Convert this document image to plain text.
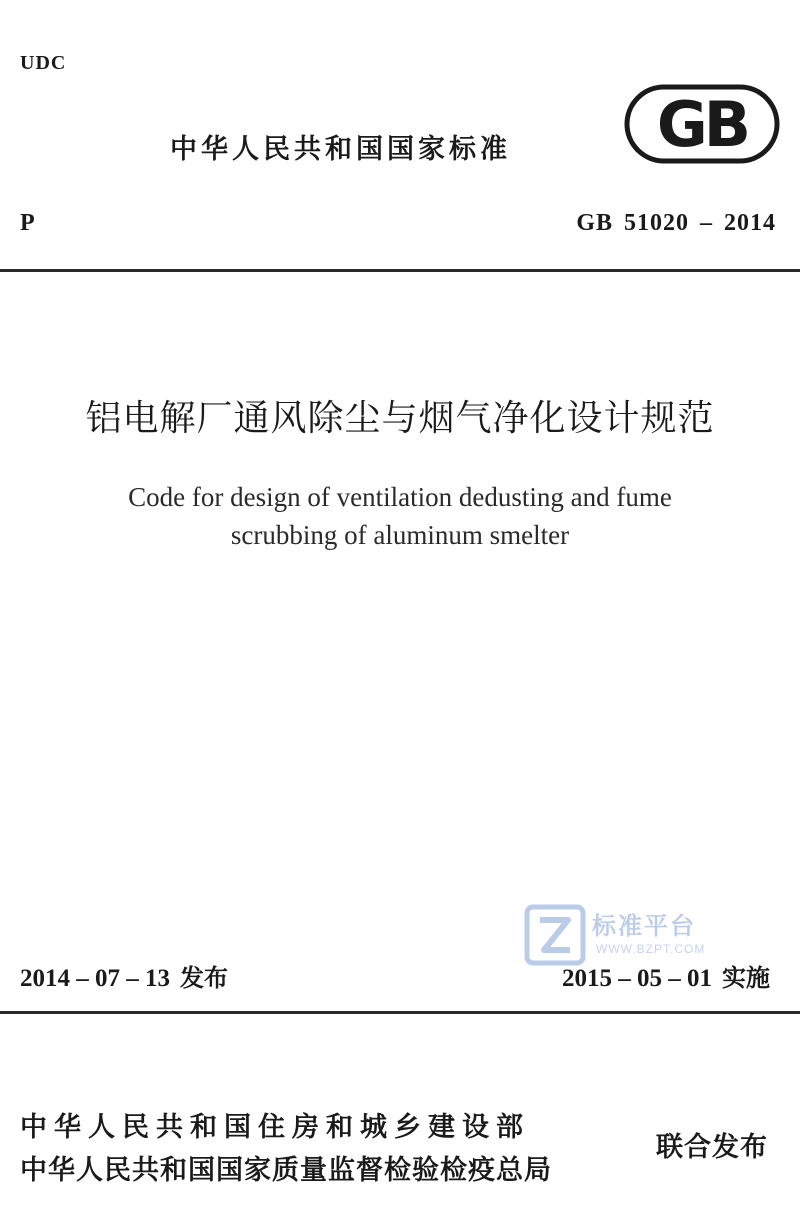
UDC
中华人民共和国国家标准 GB
P	GB 51020 – 2014
铝电解厂通风除尘与烟气净化设计规范
Code for design of ventilation dedusting and fume
scrubbing of aluminum smelter
标准平台
WWW.BZPT.COM
2014 – 07 – 13 发布	2015 – 05 – 01 实施
中华人民共和国住房和城乡建设部
中华人民共和国国家质量监督检验检疫总局
联合发布
